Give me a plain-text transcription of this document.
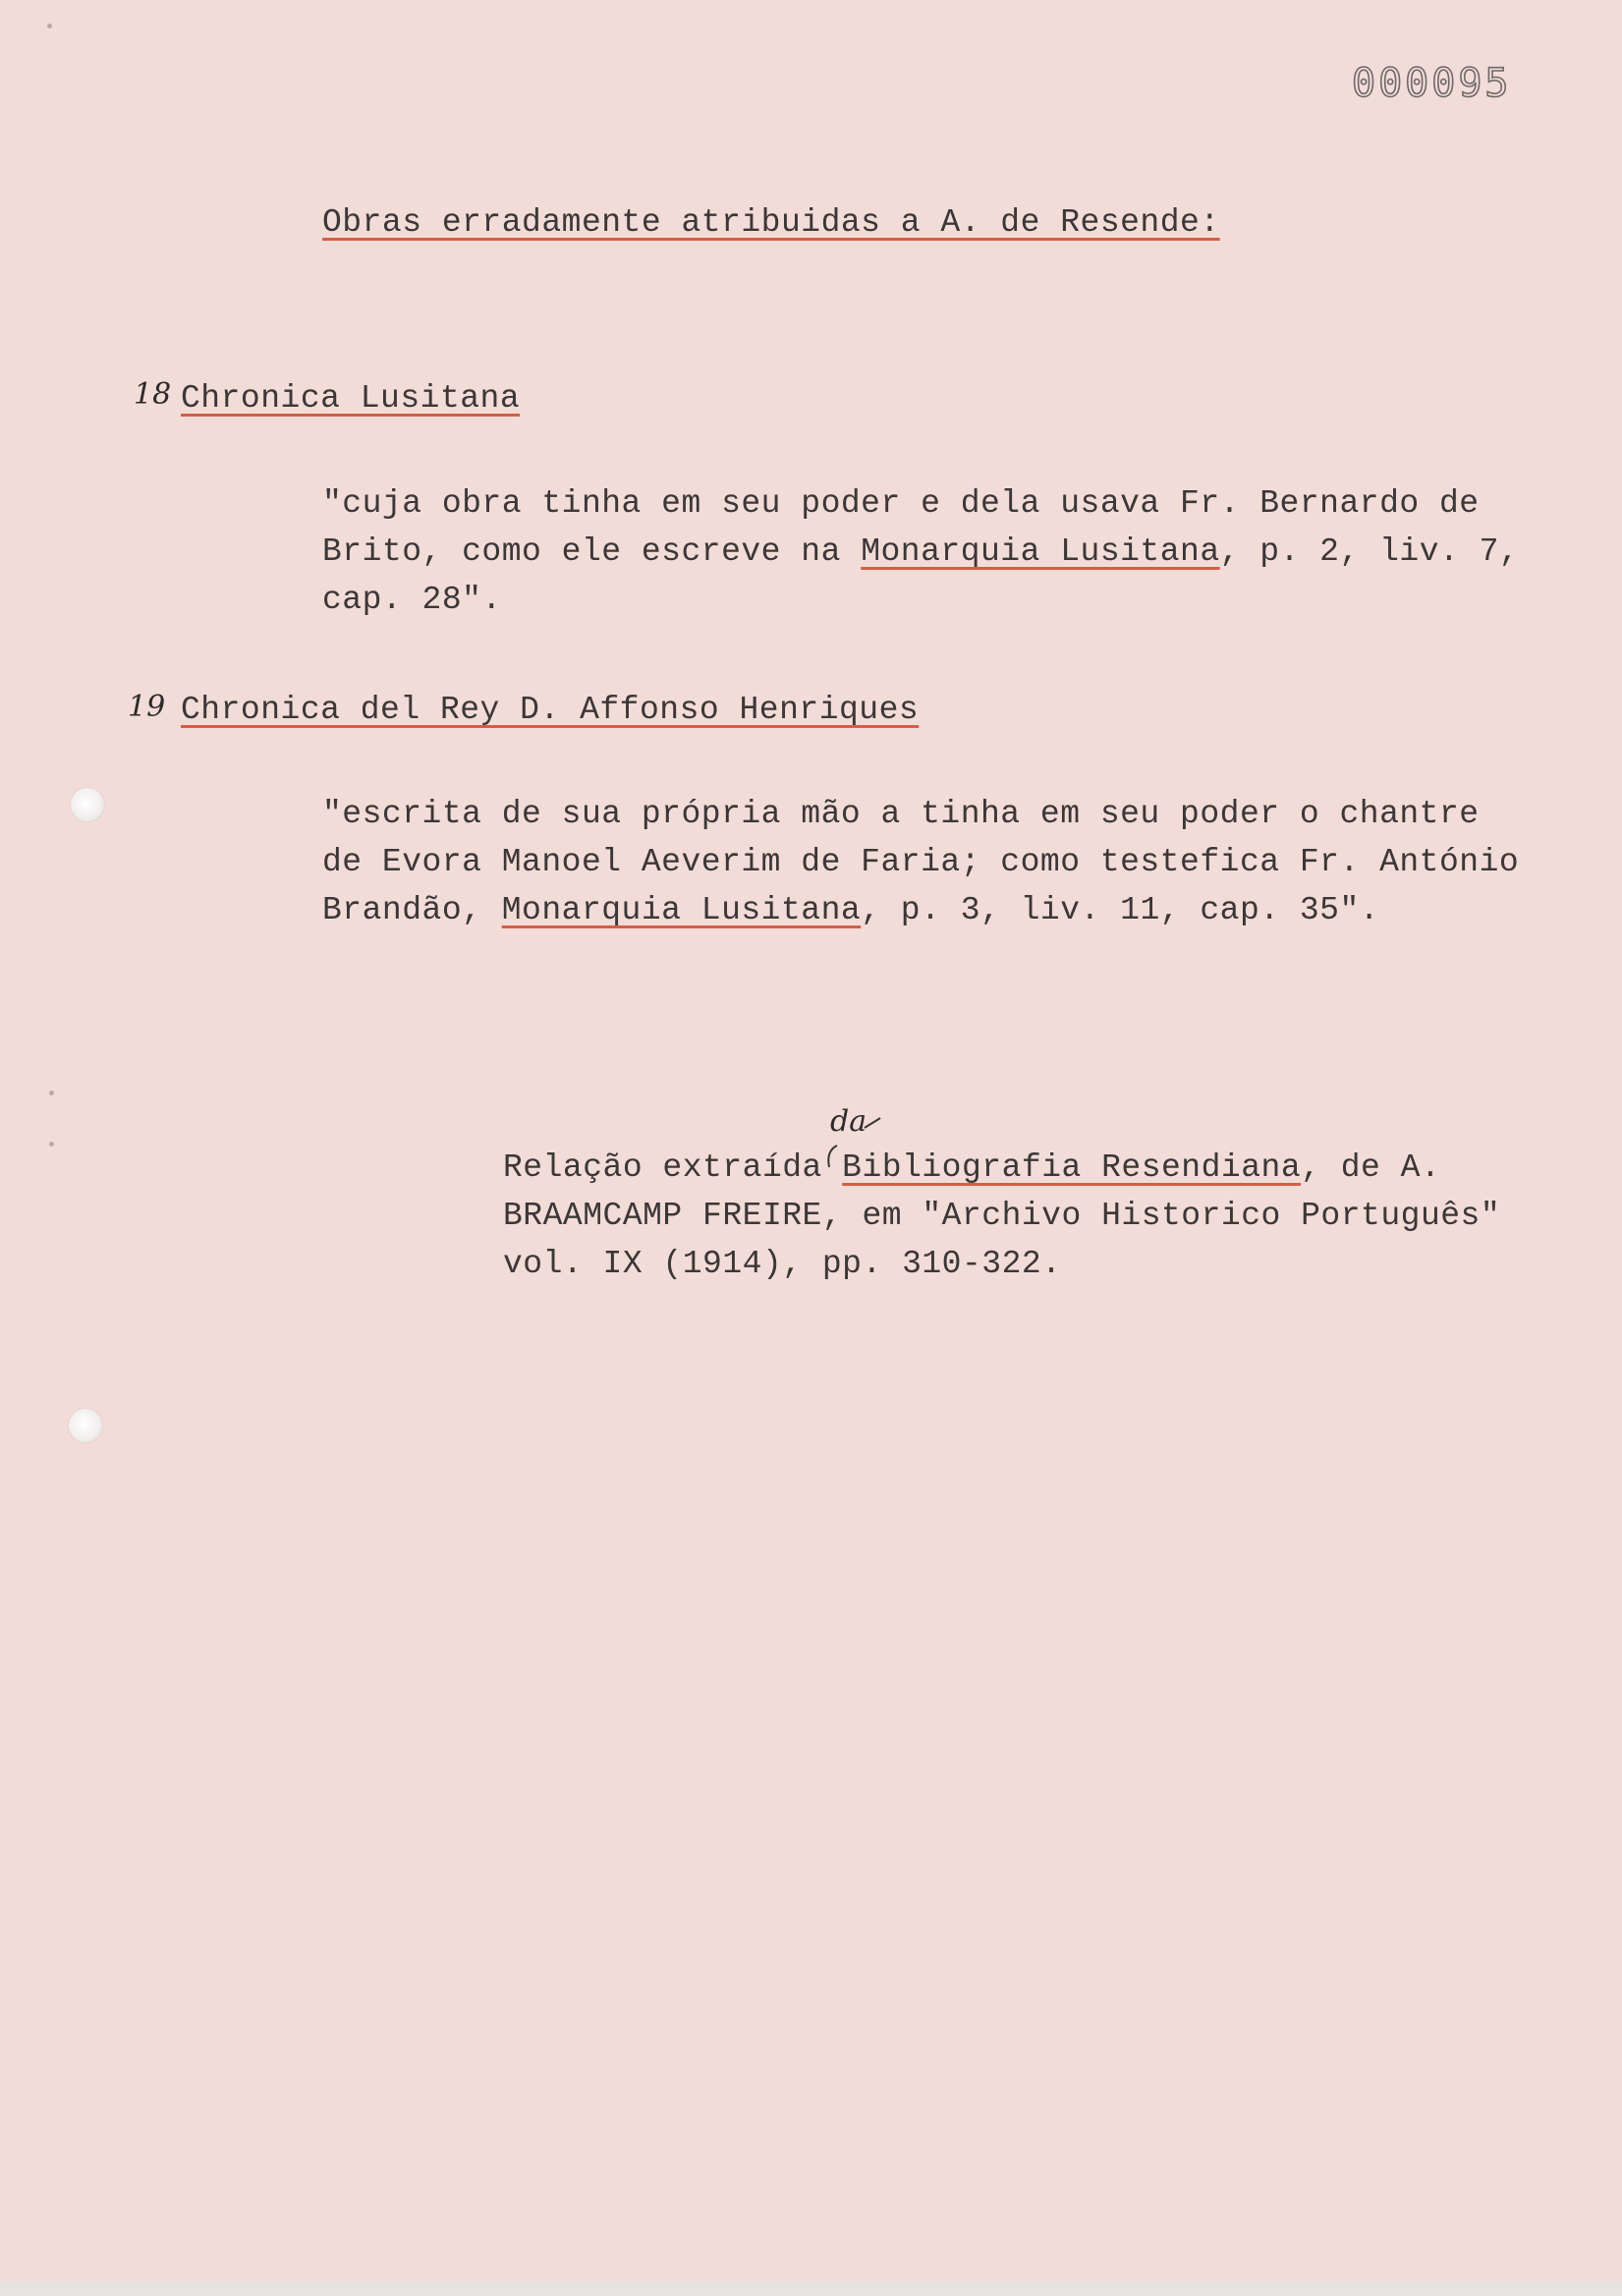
000095

Obras erradamente atribuidas a A. de Resende:

18 Chronica Lusitana

"cuja obra tinha em seu poder e dela usava Fr. Bernardo de
Brito, como ele escreve na Monarquia Lusitana, p. 2, liv. 7,
cap. 28".

19 Chronica del Rey D. Affonso Henriques

"escrita de sua própria mão a tinha em seu poder o chantre
de Evora Manoel Aeverim de Faria; como testefica Fr. António
Brandão, Monarquia Lusitana, p. 3, liv. 11, cap. 35".

da

Relação extraída Bibliografia Resendiana, de A.
BRAAMCAMP FREIRE, em "Archivo Historico Português"
vol. IX (1914), pp. 310-322.
